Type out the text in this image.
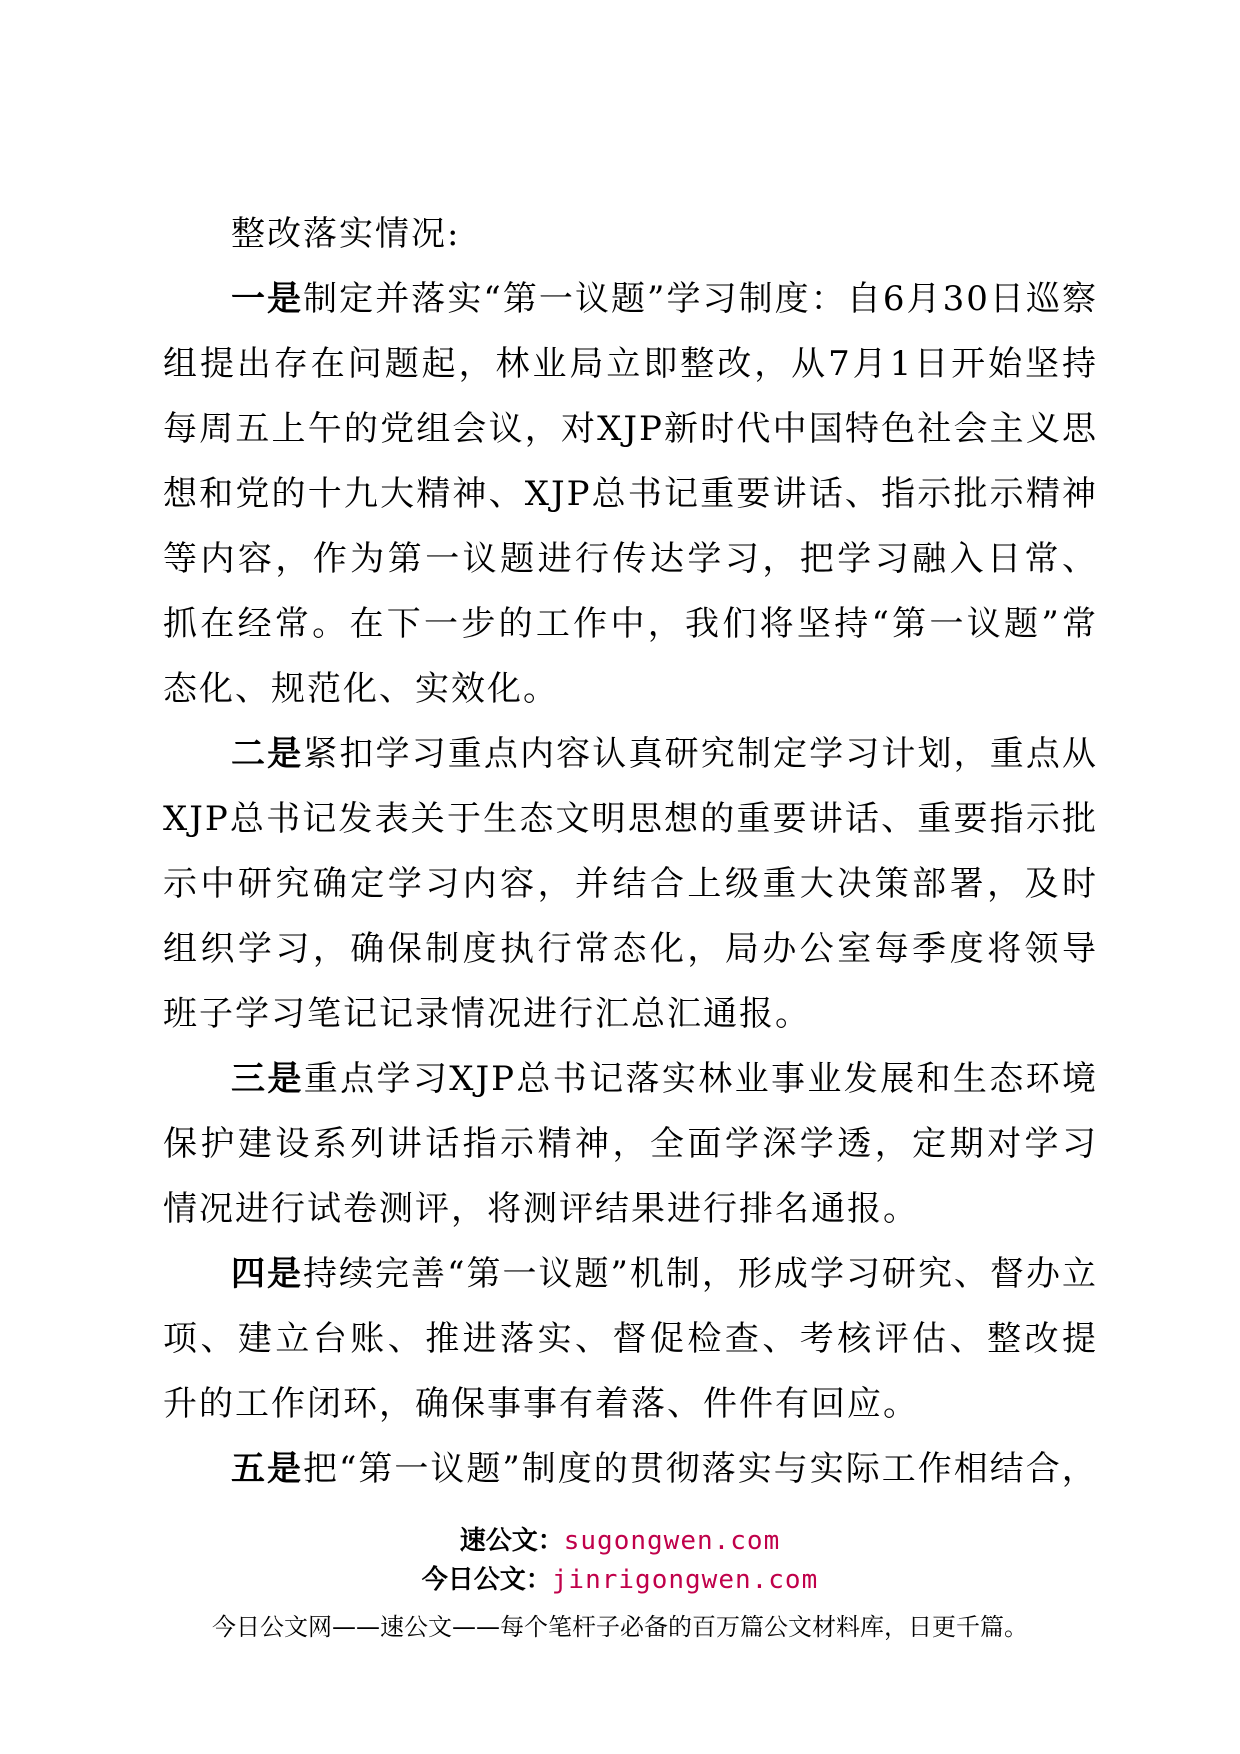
整改落实情况:

一是制定并落实“第一议题”学习制度：自6月30日巡察组提出存在问题起，林业局立即整改，从7月1日开始坚持每周五上午的党组会议，对XJP新时代中国特色社会主义思想和党的十九大精神、XJP总书记重要讲话、指示批示精神等内容，作为第一议题进行传达学习，把学习融入日常、抓在经常。在下一步的工作中，我们将坚持“第一议题”常态化、规范化、实效化。

二是紧扣学习重点内容认真研究制定学习计划，重点从XJP总书记发表关于生态文明思想的重要讲话、重要指示批示中研究确定学习内容，并结合上级重大决策部署，及时组织学习，确保制度执行常态化，局办公室每季度将领导班子学习笔记记录情况进行汇总汇通报。

三是重点学习XJP总书记落实林业事业发展和生态环境保护建设系列讲话指示精神，全面学深学透，定期对学习情况进行试卷测评，将测评结果进行排名通报。

四是持续完善“第一议题”机制，形成学习研究、督办立项、建立台账、推进落实、督促检查、考核评估、整改提升的工作闭环，确保事事有着落、件件有回应。

五是把“第一议题”制度的贯彻落实与实际工作相结合，

速公文：sugongwen.com
今日公文：jinrigongwen.com
今日公文网——速公文——每个笔杆子必备的百万篇公文材料库，日更千篇。
